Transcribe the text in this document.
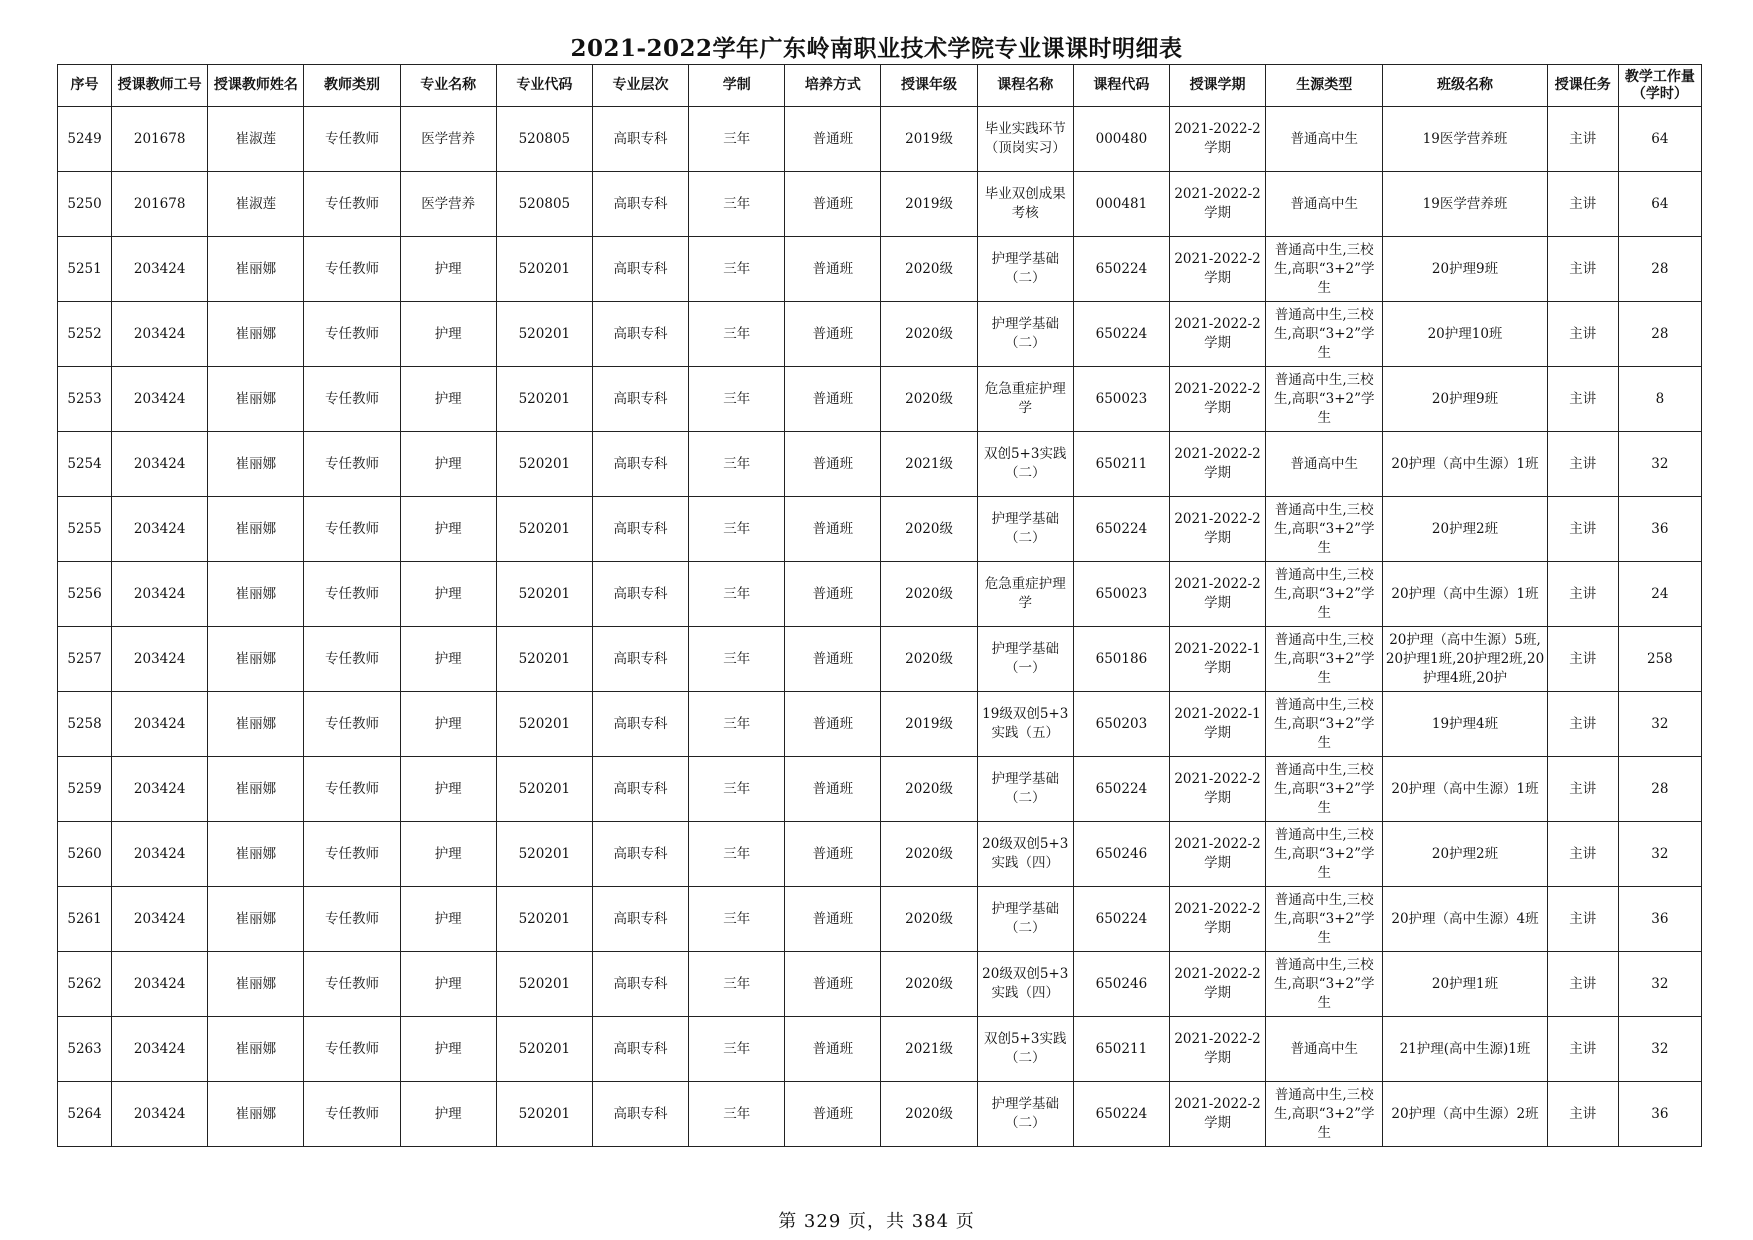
2021-2022学年广东岭南职业技术学院专业课课时明细表
序号	授课教师工号	授课教师姓名	教师类别	专业名称	专业代码	专业层次	学制	培养方式	授课年级	课程名称	课程代码	授课学期	生源类型	班级名称	授课任务	教学工作量（学时）

5249	201678	崔淑莲	专任教师	医学营养	520805	高职专科	三年	普通班	2019级	毕业实践环节（顶岗实习）	000480	2021-2022-2学期	普通高中生	19医学营养班	主讲	64

5250	201678	崔淑莲	专任教师	医学营养	520805	高职专科	三年	普通班	2019级	毕业双创成果考核	000481	2021-2022-2学期	普通高中生	19医学营养班	主讲	64

5251	203424	崔丽娜	专任教师	护理	520201	高职专科	三年	普通班	2020级	护理学基础（二）	650224	2021-2022-2学期	普通高中生,三校生,高职“3+2”学生	20护理9班	主讲	28

5252	203424	崔丽娜	专任教师	护理	520201	高职专科	三年	普通班	2020级	护理学基础（二）	650224	2021-2022-2学期	普通高中生,三校生,高职“3+2”学生	20护理10班	主讲	28

5253	203424	崔丽娜	专任教师	护理	520201	高职专科	三年	普通班	2020级	危急重症护理学	650023	2021-2022-2学期	普通高中生,三校生,高职“3+2”学生	20护理9班	主讲	8

5254	203424	崔丽娜	专任教师	护理	520201	高职专科	三年	普通班	2021级	双创5+3实践（二）	650211	2021-2022-2学期	普通高中生	20护理（高中生源）1班	主讲	32

5255	203424	崔丽娜	专任教师	护理	520201	高职专科	三年	普通班	2020级	护理学基础（二）	650224	2021-2022-2学期	普通高中生,三校生,高职“3+2”学生	20护理2班	主讲	36

5256	203424	崔丽娜	专任教师	护理	520201	高职专科	三年	普通班	2020级	危急重症护理学	650023	2021-2022-2学期	普通高中生,三校生,高职“3+2”学生	20护理（高中生源）1班	主讲	24

5257	203424	崔丽娜	专任教师	护理	520201	高职专科	三年	普通班	2020级	护理学基础（一）	650186	2021-2022-1学期	普通高中生,三校生,高职“3+2”学生	20护理（高中生源）5班,20护理1班,20护理2班,20护理4班,20护	主讲	258

5258	203424	崔丽娜	专任教师	护理	520201	高职专科	三年	普通班	2019级	19级双创5+3实践（五）	650203	2021-2022-1学期	普通高中生,三校生,高职“3+2”学生	19护理4班	主讲	32

5259	203424	崔丽娜	专任教师	护理	520201	高职专科	三年	普通班	2020级	护理学基础（二）	650224	2021-2022-2学期	普通高中生,三校生,高职“3+2”学生	20护理（高中生源）1班	主讲	28

5260	203424	崔丽娜	专任教师	护理	520201	高职专科	三年	普通班	2020级	20级双创5+3实践（四）	650246	2021-2022-2学期	普通高中生,三校生,高职“3+2”学生	20护理2班	主讲	32

5261	203424	崔丽娜	专任教师	护理	520201	高职专科	三年	普通班	2020级	护理学基础（二）	650224	2021-2022-2学期	普通高中生,三校生,高职“3+2”学生	20护理（高中生源）4班	主讲	36

5262	203424	崔丽娜	专任教师	护理	520201	高职专科	三年	普通班	2020级	20级双创5+3实践（四）	650246	2021-2022-2学期	普通高中生,三校生,高职“3+2”学生	20护理1班	主讲	32

5263	203424	崔丽娜	专任教师	护理	520201	高职专科	三年	普通班	2021级	双创5+3实践（二）	650211	2021-2022-2学期	普通高中生	21护理(高中生源)1班	主讲	32

5264	203424	崔丽娜	专任教师	护理	520201	高职专科	三年	普通班	2020级	护理学基础（二）	650224	2021-2022-2学期	普通高中生,三校生,高职“3+2”学生	20护理（高中生源）2班	主讲	36
第 329 页，共 384 页
